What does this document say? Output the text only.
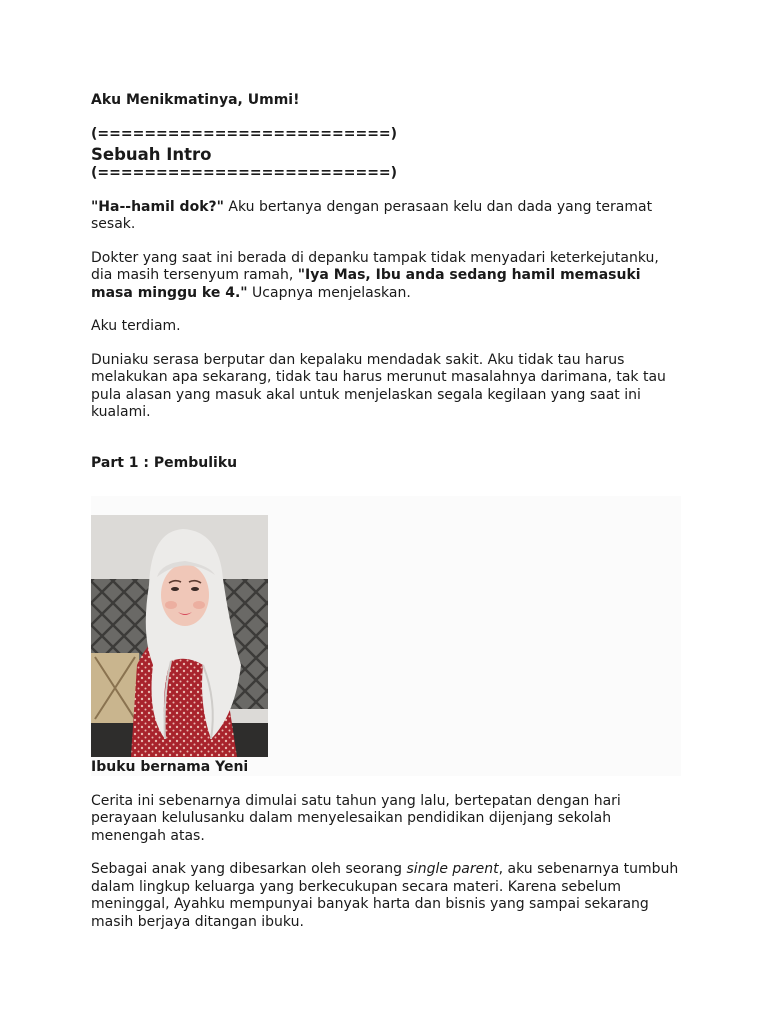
Aku Menikmatinya, Ummi!

(=========================)

Sebuah Intro

(=========================)

"Ha--hamil dok?" Aku bertanya dengan perasaan kelu dan dada yang teramat sesak.

Dokter yang saat ini berada di depanku tampak tidak menyadari keterkejutanku, dia masih tersenyum ramah, "Iya Mas, Ibu anda sedang hamil memasuki masa minggu ke 4." Ucapnya menjelaskan.

Aku terdiam.

Duniaku serasa berputar dan kepalaku mendadak sakit. Aku tidak tau harus melakukan apa sekarang, tidak tau harus merunut masalahnya darimana, tak tau pula alasan yang masuk akal untuk menjelaskan segala kegilaan yang saat ini kualami.

Part 1 : Pembuliku

Ibuku bernama Yeni

Cerita ini sebenarnya dimulai satu tahun yang lalu, bertepatan dengan hari perayaan kelulusanku dalam menyelesaikan pendidikan dijenjang sekolah menengah atas.

Sebagai anak yang dibesarkan oleh seorang single parent, aku sebenarnya tumbuh dalam lingkup keluarga yang berkecukupan secara materi. Karena sebelum meninggal, Ayahku mempunyai banyak harta dan bisnis yang sampai sekarang masih berjaya ditangan ibuku.
